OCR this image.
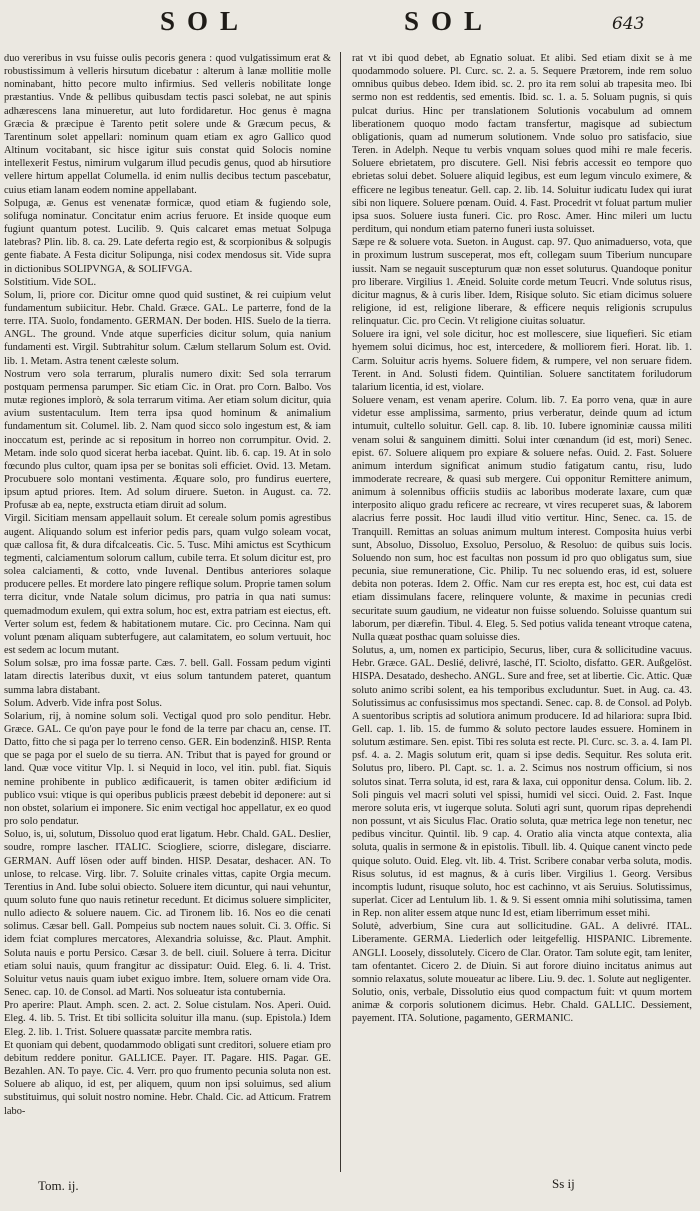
SOL	SOL	643

duo vereribus in vsu fuisse oulis pecoris genera : quod vulgatissimum erat & robustissimum à velleris hirsutum dicebatur : alterum à lanæ mollitie molle nominabant, hitto pecore multo infirmius. Sed velleris nobilitate longe præstantius. Vnde & pellibus quibusdam tectis pasci solebat, ne aut spinis adhærescens lana minueretur, aut luto fordidaretur. Hoc genus è magna Græcia & præcipue è Tarento petit solere unde & Græcum pecus, & Tarentinum solet appellari: nominum quam etiam ex agro Gallico quod Altinum vocitabant, sic hisce igitur suis constat quid Solocis nomine intellexerit Festus, nimirum vulgarum illud pecudis genus, quod ab hirsutiore vellere hirtum appellat Columella. id enim nullis decibus tectum pascebatur, cuius etiam lanam eodem nomine appellabant.

Solpuga, æ. Genus est venenatæ formicæ, quod etiam & fugiendo sole, solifuga nominatur. Concitatur enim acrius feruore. Et inside quoque eum fugiunt quantum potest. Lucilib. 9. Quis calcaret emas metuat Solpuga latebras? Plin. lib. 8. ca. 29. Late deferta regio est, & scorpionibus & solpugis gente fiabate. A Festa dicitur Solipunga, nisi codex mendosus sit. Vide supra in dictionibus SOLIPVNGA, & SOLIFVGA.

Solstitium. Vide SOL.

Solum, li, priore cor. Dicitur omne quod quid sustinet, & rei cuipium velut fundamentum subiicitur. Hebr. Chald. Græce. GAL. Le parterre, fond de la terre. ITA. Suolo, fondamento. GERMAN. Der boden. HIS. Suelo de la tierra. ANGL. The ground. Vnde atque superficies dicitur solum, quia nanium fundamenti est. Virgil. Subtrahitur solum. Cælum stellarum Solum est. Ovid. lib. 1. Metam. Astra tenent cæleste solum.

Nostrum vero sola terrarum, pluralis numero dixit: Sed sola terrarum postquam permensa parumper. Sic etiam Cic. in Orat. pro Corn. Balbo. Vos mutæ regiones implorò, & sola terrarum vitima. Aer etiam solum dicitur, quia avium sustentaculum. Item terra ipsa quod hominum & animalium fundamentum sit. Columel. lib. 2. Nam quod sicco solo ingestum est, & iam inoccatum est, perinde ac si repositum in horreo non corrumpitur. Ovid. 2. Metam. inde solo quod sicerat herba iacebat. Quint. lib. 6. cap. 19. At in solo fœcundo plus cultor, quam ipsa per se bonitas soli efficiet. Ovid. 13. Metam. Procubuere solo montani vestimenta. Æquare solo, pro fundirus euertere, ipsum aptud priores. Item. Ad solum diruere. Sueton. in August. ca. 72. Profusæ ab ea, nepte, exstructa etiam diruit ad solum.

Virgil. Sicitiam mensam appellauit solum. Et cereale solum pomis agrestibus augent. Aliquando solum est inferior pedis pars, quam vulgo soleam vocat, quæ callosa fit, & dura difcalceatis. Cic. 5. Tusc. Mihi amictus est Scythicum tegmenti, calciamentum solorum callum, cubile terra. Et solum dicitur est, pro solea calciamenti, & cotto, vnde Iuvenal. Dentibus anteriores solaque producere pelles. Et mordere lato pingere reflique solum. Proprie tamen solum terra dicitur, vnde Natale solum dicimus, pro patria in qua nati sumus: quemadmodum exulem, qui extra solum, hoc est, extra patriam est eiectus, eft. Verter solum est, fedem & habitationem mutare. Cic. pro Cecinna. Nam qui volunt pœnam aliquam subterfugere, aut calamitatem, eo solum vertuuit, hoc est sedem ac locum mutant.

Solum solsæ, pro ima fossæ parte. Cæs. 7. bell. Gall. Fossam pedum viginti latam directis lateribus duxit, vt eius solum tantundem pateret, quantum summa labra distabant.

Solum. Adverb. Vide infra post Solus.

Solarium, rij, à nomine solum soli. Vectigal quod pro solo penditur. Hebr. Græce. GAL. Ce qu'on paye pour le fond de la terre par chacu an, cense. IT. Datto, fitto che si paga per lo terreno censo. GER. Ein bodenzinß. HISP. Renta que se paga por el suelo de su tierra. AN. Tribut that is payed for ground or land. Quæ voce vititur Vlp. l. si Nequid in loco, vel itin. publ. fiat. Siquis nemine prohibente in publico ædificauerit, is tamen obiter ædificium id publico vsui: vtique is qui operibus publicis præest debebit id deponere: aut si non obstet, solarium ei imponere. Sic enim vectigal hoc appellatur, ex eo quod pro solo pendatur.

Soluo, is, ui, solutum, Dissoluo quod erat ligatum. Hebr. Chald. GAL. Deslier, soudre, rompre lascher. ITALIC. Sciogliere, sciorre, dislegare, disciarre. GERMAN. Auff lösen oder auff binden. HISP. Desatar, deshacer. AN. To unlose, to relcase. Virg. libr. 7. Soluite crinales vittas, capite Orgia mecum. Terentius in And. Iube solui obiecto. Soluere item dicuntur, qui naui vehuntur, quum soluto fune quo nauis retinetur recedunt. Et dicimus soluere simpliciter, nullo adiecto & soluere nauem. Cic. ad Tironem lib. 16. Nos eo die cenati solimus. Cæsar bell. Gall. Pompeius sub noctem naues soluit. Ci. 3. Offic. Si idem fciat complures mercatores, Alexandria soluisse, &c. Plaut. Amphit. Soluta nauis e portu Persico. Cæsar 3. de bell. ciuil. Soluere à terra. Dicitur etiam solui nauis, quum frangitur ac dissipatur: Ouid. Eleg. 6. li. 4. Trist. Soluitur vetus nauis quam iubet exiguo imbre. Item, soluere ornam vide Ora. Senec. cap. 10. de Consol. ad Marti. Nos solueatur ista contubernia.

Pro aperire: Plaut. Amph. scen. 2. act. 2. Solue cistulam. Nos. Aperi. Ouid. Eleg. 4. lib. 5. Trist. Et tibi sollicita soluitur illa manu. (sup. Epistola.) Idem Eleg. 2. lib. 1. Trist. Soluere quassatæ parcite membra ratis.

Et quoniam qui debent, quodammodo obligati sunt creditori, soluere etiam pro debitum reddere ponitur. GALLICE. Payer. IT. Pagare. HIS. Pagar. GE. Bezahlen. AN. To paye. Cic. 4. Verr. pro quo frumento pecunia soluta non est. Soluere ab aliquo, id est, per aliquem, quum non ipsi soluimus, sed alium substituimus, qui soluit nostro nomine. Hebr. Chald. Cic. ad Atticum. Fratrem labo-

rat vt ibi quod debet, ab Egnatio soluat. Et alibi. Sed etiam dixit se à me quodammodo soluere. Pl. Curc. sc. 2. a. 5. Sequere Prætorem, inde rem soluo omnibus quibus debeo. Idem ibid. sc. 2. pro ita rem solui ab trapesita meo. Ibi sermo non est reddentis, sed ementis. Ibid. sc. 1. a. 5. Soluam pugnis, si quis pulcat durius. Hinc per translationem Solutionis vocabulum ad omnem liberationem quoquo modo factam transfertur, magisque ad subiectum obligationis, quam ad numerum solutionem. Vnde soluo pro satisfacio, siue Teren. in Adelph. Neque tu verbis vnquam solues quod mihi re male feceris. Soluere ebrietatem, pro discutere. Gell. Nisi febris accessit eo tempore quo ebrietas solui debet. Soluere aliquid legibus, est eum legum vinculo eximere, & efficere ne legibus teneatur. Gell. cap. 2. lib. 14. Soluitur iudicatu Iudex qui iurat sibi non liquere. Soluere pœnam. Ouid. 4. Fast. Procedrit vt foluat partum mulier ipsa suos. Soluere iusta funeri. Cic. pro Rosc. Amer. Hinc mileri um luctu perditum, qui nondum etiam paterno funeri iusta soluisset.

Sæpe re & soluere vota. Sueton. in August. cap. 97. Quo animaduerso, vota, que in proximum lustrum susceperat, mos eft, collegam suum Tiberium nuncupare iussit. Nam se negauit suscepturum quæ non esset soluturus. Quandoque ponitur pro liberare. Virgilius 1. Æneid. Soluite corde metum Teucri. Vnde solutus risus, dicitur magnus, & à curis liber. Idem, Risique soluto. Sic etiam dicimus soluere religione, id est, religione liberare, & efficere nequis religionis scrupulus relinquatur. Cic. pro Cecin. Vt religione ciuitas soluatur.

Soluere ira igni, vel sole dicitur, hoc est mollescere, siue liquefieri. Sic etiam hyemem solui dicimus, hoc est, intercedere, & molliorem fieri. Horat. lib. 1. Carm. Soluitur acris hyems. Soluere fidem, & rumpere, vel non seruare fidem. Terent. in And. Solusti fidem. Quintilian. Soluere sanctitatem foriludorum talarium licentia, id est, violare.

Soluere venam, est venam aperire. Colum. lib. 7. Ea porro vena, quæ in aure videtur esse amplissima, sarmento, prius verberatur, deinde quum ad ictum intumuit, cultello soluitur. Gell. cap. 8. lib. 10. Iubere ignominiæ caussa militi venam solui & sanguinem dimitti. Solui inter cœnandum (id est, mori) Senec. epist. 67. Soluere aliquem pro expiare & soluere nefas. Ouid. 2. Fast. Soluere animum interdum significat animum studio fatigatum cantu, risu, ludo immoderate recreare, & quasi sub mergere. Cui opponitur Remittere animum, animum à solennibus officiis studiis ac laboribus moderate laxare, cum quæ interposito aliquo gradu reficere ac recreare, vt vires recuperet suas, & laborem alacrius ferre possit. Hoc laudi illud vitio vertitur. Hinc, Senec. ca. 15. de Tranquill. Remittas an soluas animum multum interest. Composita huius verbi sunt, Absoluo, Dissoluo, Exsoluo, Persoluo, & Resoluo: de quibus suis locis. Soluendo non sum, hoc est facultas non possum id pro quo obligatus sum, siue pecunia, siue remuneratione, Cic. Philip. Tu nec soluendo eras, id est, soluere debita non poteras. Idem 2. Offic. Nam cur res erepta est, hoc est, cui data est etiam dissimulans facere, relinquere volunte, & maxime in pecunias credi securitate suum gaudium, ne videatur non fuisse soluendo. Soluisse quantum sui laborum, per diærefin. Tibul. 4. Eleg. 5. Sed potius valida teneant vtroque catena, Nulla quæat posthac quam soluisse dies.

Solutus, a, um, nomen ex participio, Securus, liber, cura & sollicitudine vacuus. Hebr. Græce. GAL. Deslié, delivré, lasché, IT. Sciolto, disfatto. GER. Außgelöst. HISPA. Desatado, deshecho. ANGL. Sure and free, set at libertie. Cic. Attic. Quæ soluto animo scribi solent, ea his temporibus excluduntur. Suet. in Aug. ca. 43. Solutissimus ac confusissimus mos spectandi. Senec. cap. 8. de Consol. ad Polyb. A suentoribus scriptis ad solutiora animum producere. Id ad hilariora: supra Ibid. Gell. cap. 1. lib. 15. de fummo & soluto pectore laudes essuere. Hominem in solutum æstimare. Sen. epist. Tibi res soluta est recte. Pl. Curc. sc. 3. a. 4. Iam Pl. psf. 4. a. 2. Magis solutum erit, quam si ipse dedis. Sequitur. Res soluta erit. Solutus pro, libero. Pl. Capt. sc. 1. a. 2. Scimus nos nostrum officium, si nos solutos sinat. Terra soluta, id est, rara & laxa, cui opponitur densa. Colum. lib. 2. Soli pinguis vel macri soluti vel spissi, humidi vel sicci. Ouid. 2. Fast. Inque merore soluta eris, vt iugerque soluta. Soluti agri sunt, quorum ripas deprehendi non possunt, vt ais Siculus Flac. Oratio soluta, quæ metrica lege non tenetur, nec pedibus vincitur. Quintil. lib. 9 cap. 4. Oratio alia vincta atque contexta, alia soluta, qualis in sermone & in epistolis. Tibull. lib. 4. Quique canent vincto pede quique soluto. Ouid. Eleg. vlt. lib. 4. Trist. Scribere conabar verba soluta, modis. Risus solutus, id est magnus, & à curis liber. Virgilius 1. Georg. Versibus incomptis ludunt, risuque soluto, hoc est cachinno, vt ais Seruius. Solutissimus, superlat. Cicer ad Lentulum lib. 1. & 9. Si essent omnia mihi solutissima, tamen in Rep. non aliter essem atque nunc Id est, etiam liberrimum esset mihi.

Solutè, adverbium, Sine cura aut sollicitudine. GAL. A delivré. ITAL. Liberamente. GERMA. Liederlich oder leitgefellig. HISPANIC. Libremente. ANGLI. Loosely, dissolutely. Cicero de Clar. Orator. Tam solute egit, tam leniter, tam ofentantet. Cicero 2. de Diuin. Si aut forore diuino incitatus animus aut somnio relaxatus, solute moueatur ac libere. Liu. 9. dec. 1. Solute aut negligenter.

Solutio, onis, verbale, Dissolutio eius quod compactum fuit: vt quum mortem animæ & corporis solutionem dicimus. Hebr. Chald. GALLIC. Dessiement, payement. ITA. Solutione, pagamento, GERMANIC.

Tom. ij.	Ss ij
